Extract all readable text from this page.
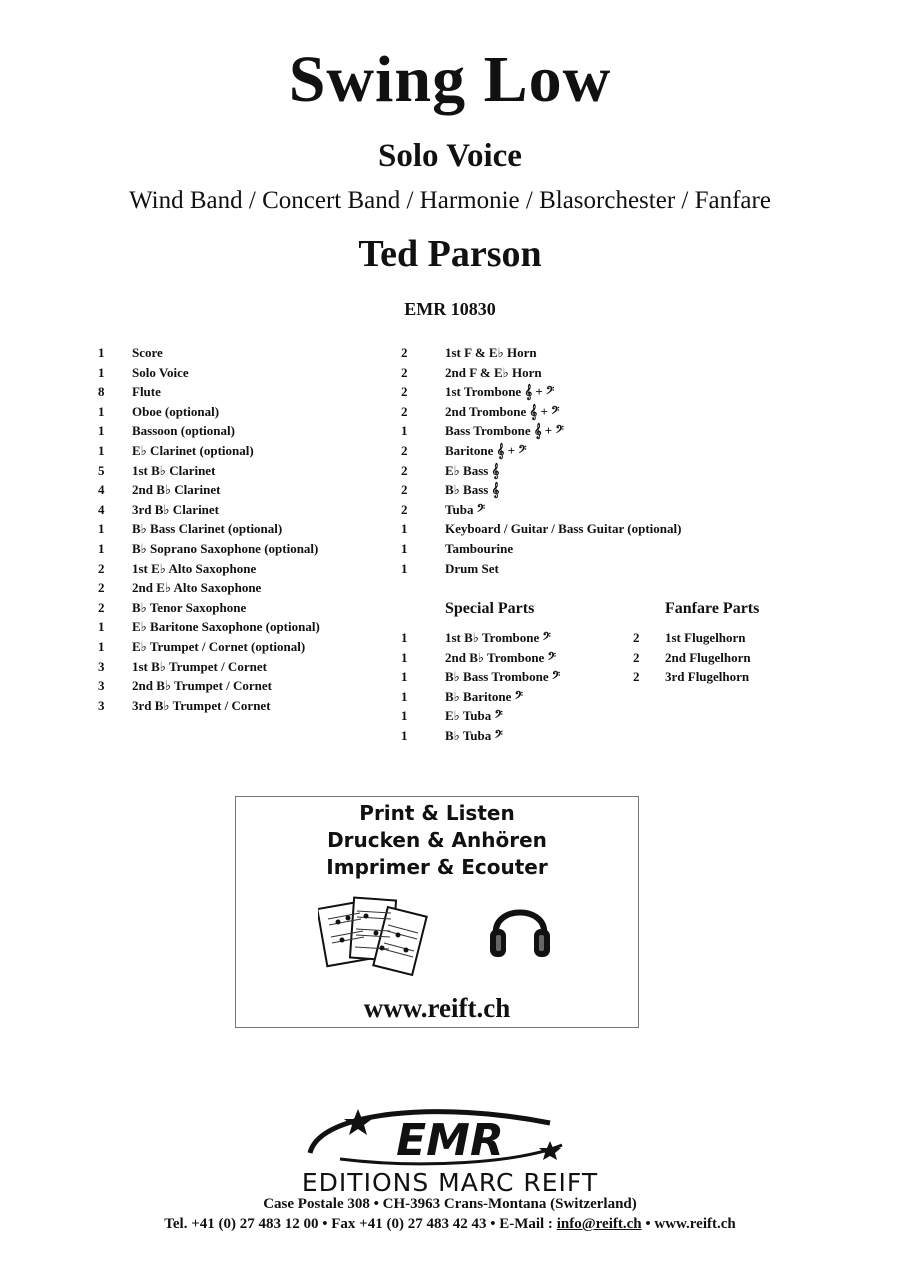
Swing Low
Solo Voice
Wind Band / Concert Band / Harmonie / Blasorchester / Fanfare
Ted Parson
EMR 10830
1 Score
1 Solo Voice
8 Flute
1 Oboe (optional)
1 Bassoon (optional)
1 E♭ Clarinet (optional)
5 1st B♭ Clarinet
4 2nd B♭ Clarinet
4 3rd B♭ Clarinet
1 B♭ Bass Clarinet (optional)
1 B♭ Soprano Saxophone (optional)
2 1st E♭ Alto Saxophone
2 2nd E♭ Alto Saxophone
2 B♭ Tenor Saxophone
1 E♭ Baritone Saxophone (optional)
1 E♭ Trumpet / Cornet (optional)
3 1st B♭ Trumpet / Cornet
3 2nd B♭ Trumpet / Cornet
3 3rd B♭ Trumpet / Cornet
2	1st F & E♭ Horn
2	2nd F & E♭ Horn
2	1st Trombone 𝄞 + 𝄢
2	2nd Trombone 𝄞 + 𝄢
1	Bass Trombone 𝄞 + 𝄢
2	Baritone 𝄞 + 𝄢
2	E♭ Bass 𝄞
2	B♭ Bass 𝄞
2	Tuba 𝄢
1	Keyboard / Guitar / Bass Guitar (optional)
1	Tambourine
1	Drum Set
Special Parts	Fanfare Parts
1	1st B♭ Trombone 𝄢
1	2nd B♭ Trombone 𝄢
1	B♭ Bass Trombone 𝄢
1	B♭ Baritone 𝄢
1	E♭ Tuba 𝄢
1	B♭ Tuba 𝄢
2 1st Flugelhorn
2 2nd Flugelhorn
2 3rd Flugelhorn
Print & Listen
Drucken & Anhören
Imprimer & Ecouter
www.reift.ch
EMR
EDITIONS MARC REIFT
Case Postale 308 • CH-3963 Crans-Montana (Switzerland)
Tel. +41 (0) 27 483 12 00 • Fax +41 (0) 27 483 42 43 • E-Mail : info@reift.ch • www.reift.ch
